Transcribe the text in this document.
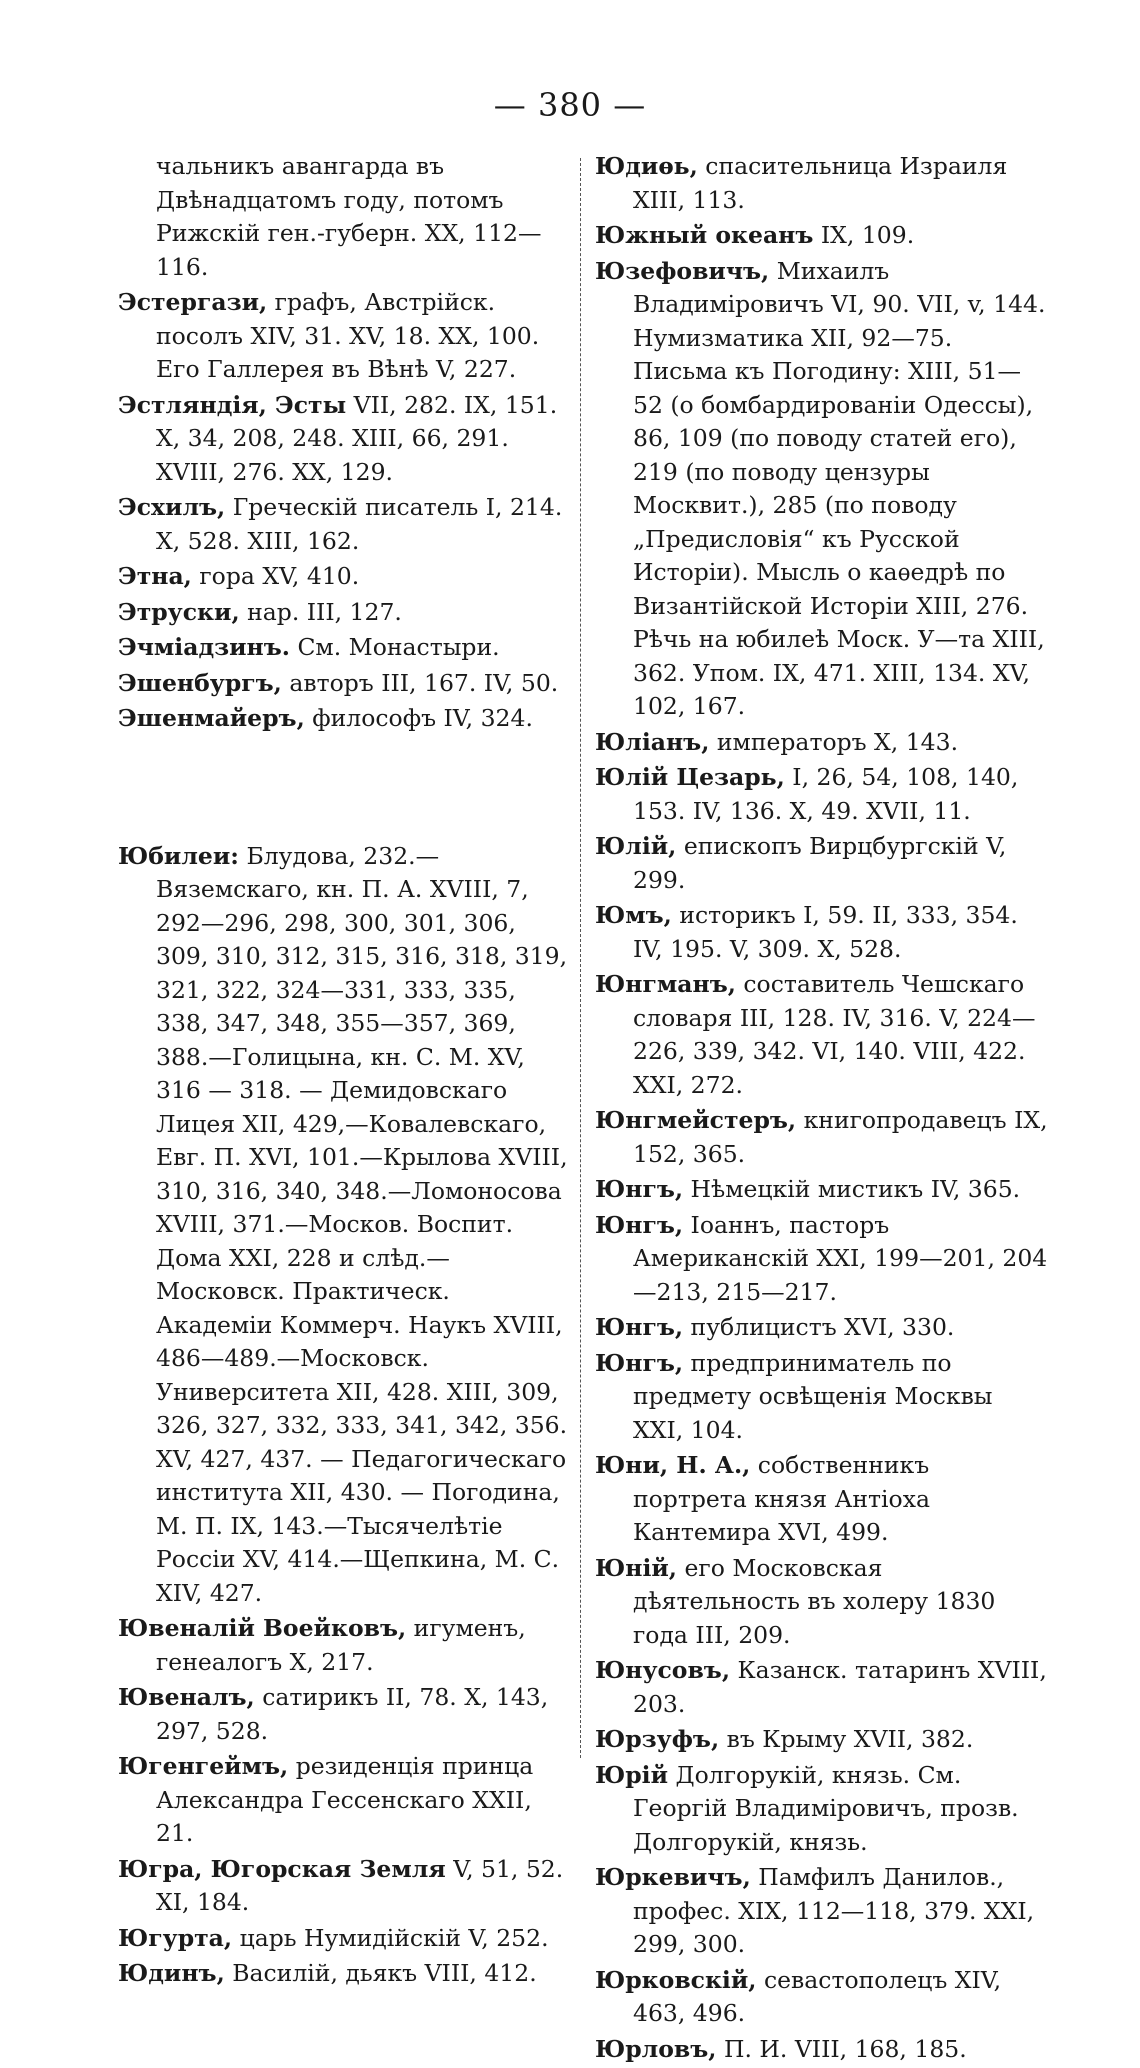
— 380 —
чальникъ авангарда въ Двѣнадцатомъ году, потомъ Рижскій ген.-губерн. XX, 112—116.
Эстергази, графъ, Австрійск. посолъ XIV, 31. XV, 18. XX, 100. Его Галлерея въ Вѣнѣ V, 227.
Эстляндія, Эсты VII, 282. IX, 151. X, 34, 208, 248. XIII, 66, 291. XVIII, 276. XX, 129.
Эсхилъ, Греческій писатель I, 214. X, 528. XIII, 162.
Этна, гора XV, 410.
Этруски, нар. III, 127.
Эчміадзинъ. См. Монастыри.
Эшенбургъ, авторъ III, 167. IV, 50.
Эшенмайеръ, философъ IV, 324.
Юбилеи: Блудова, 232.—Вяземскаго, кн. П. А. XVIII, 7, 292—296, 298, 300, 301, 306, 309, 310, 312, 315, 316, 318, 319, 321, 322, 324—331, 333, 335, 338, 347, 348, 355—357, 369, 388.—Голицына, кн. С. М. XV, 316 — 318. — Демидовскаго Лицея XII, 429,—Ковалевскаго, Евг. П. XVI, 101.—Крылова XVIII, 310, 316, 340, 348.—Ломоносова XVIII, 371.—Москов. Воспит. Дома XXI, 228 и слѣд.—Московск. Практическ. Академіи Коммерч. Наукъ XVIII, 486—489.—Московск. Университета XII, 428. XIII, 309, 326, 327, 332, 333, 341, 342, 356. XV, 427, 437. — Педагогическаго института XII, 430. — Погодина, М. П. IX, 143.—Тысячелѣтіе Россіи XV, 414.—Щепкина, М. С. XIV, 427.
Ювеналій Воейковъ, игуменъ, генеалогъ X, 217.
Ювеналъ, сатирикъ II, 78. X, 143, 297, 528.
Югенгеймъ, резиденція принца Александра Гессенскаго XXII, 21.
Югра, Югорская Земля V, 51, 52. XI, 184.
Югурта, царь Нумидійскій V, 252.
Юдинъ, Василій, дьякъ VIII, 412.
Юдиѳь, спасительница Израиля XIII, 113.
Южный океанъ IX, 109.
Юзефовичъ, Михаилъ Владиміровичъ VI, 90. VII, v, 144. Нумизматика XII, 92—75. Письма къ Погодину: XIII, 51—52 (о бомбардированіи Одессы), 86, 109 (по поводу статей его), 219 (по поводу цензуры Москвит.), 285 (по поводу „Предисловія“ къ Русской Исторіи). Мысль о каѳедрѣ по Византійской Исторіи XIII, 276. Рѣчь на юбилеѣ Моск. У—та XIII, 362. Упом. IX, 471. XIII, 134. XV, 102, 167.
Юліанъ, императоръ X, 143.
Юлій Цезарь, I, 26, 54, 108, 140, 153. IV, 136. X, 49. XVII, 11.
Юлій, епископъ Вирцбургскій V, 299.
Юмъ, историкъ I, 59. II, 333, 354. IV, 195. V, 309. X, 528.
Юнгманъ, составитель Чешскаго словаря III, 128. IV, 316. V, 224—226, 339, 342. VI, 140. VIII, 422. XXI, 272.
Юнгмейстеръ, книгопродавецъ IX, 152, 365.
Юнгъ, Нѣмецкій мистикъ IV, 365.
Юнгъ, Іоаннъ, пасторъ Американскій XXI, 199—201, 204—213, 215—217.
Юнгъ, публицистъ XVI, 330.
Юнгъ, предприниматель по предмету освѣщенія Москвы XXI, 104.
Юни, Н. А., собственникъ портрета князя Антіоха Кантемира XVI, 499.
Юній, его Московская дѣятельность въ холеру 1830 года III, 209.
Юнусовъ, Казанск. татаринъ XVIII, 203.
Юрзуфъ, въ Крыму XVII, 382.
Юрій Долгорукій, князь. См. Георгій Владиміровичъ, прозв. Долгорукій, князь.
Юркевичъ, Памфилъ Данилов., профес. XIX, 112—118, 379. XXI, 299, 300.
Юрковскій, севастополецъ XIV, 463, 496.
Юрловъ, П. И. VIII, 168, 185.
